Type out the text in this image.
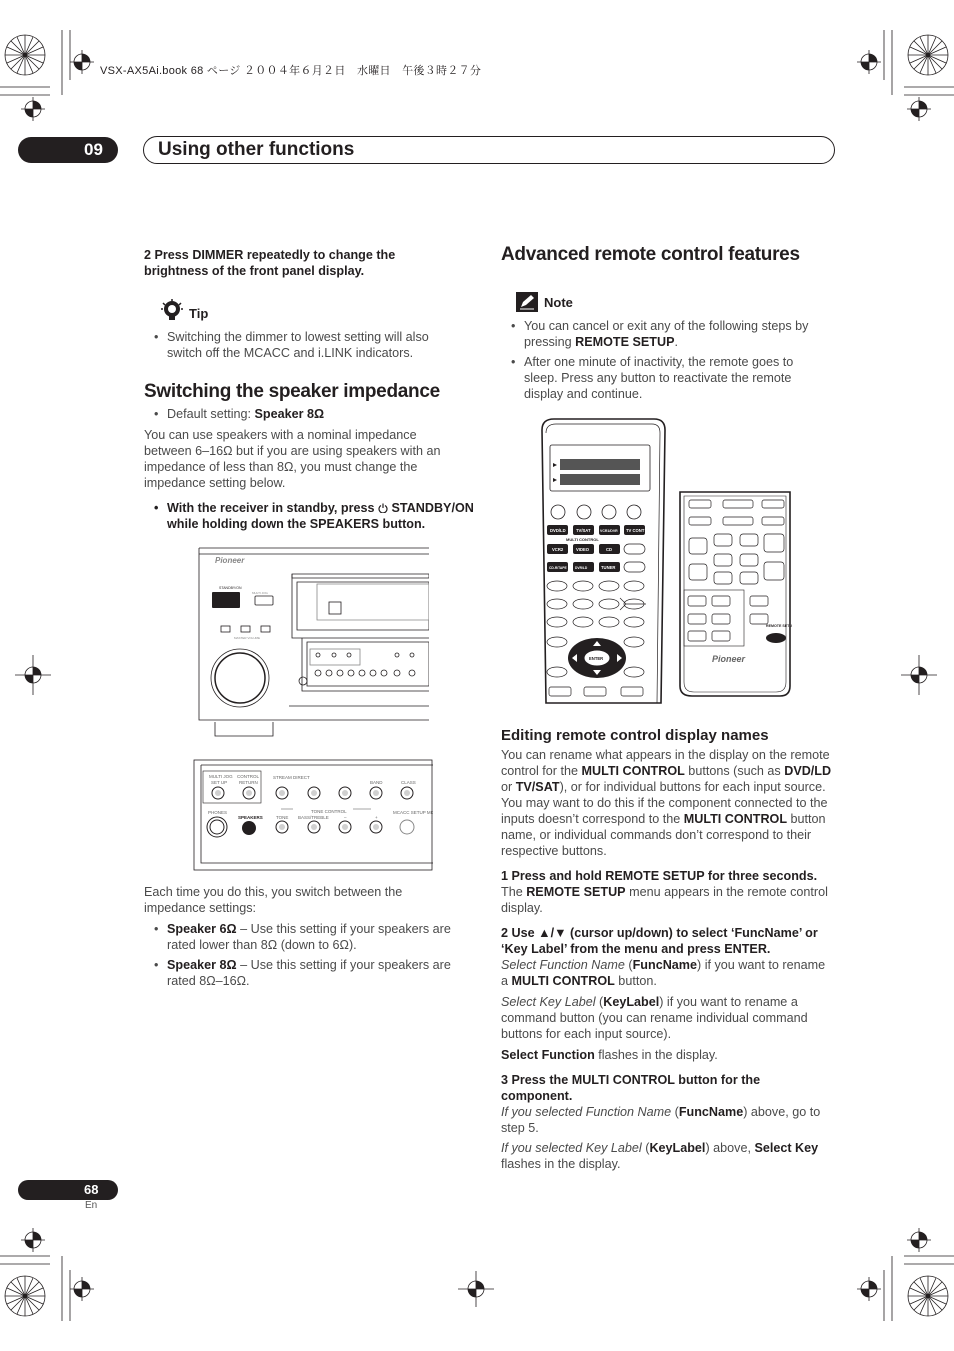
VSX-AX5Ai.book 68 ページ ２００４年６月２日　水曜日　午後３時２７分
09	Using other functions
2 Press DIMMER repeatedly to change the brightness of the front panel display.
Tip
• Switching the dimmer to lowest setting will also switch off the MCACC and i.LINK indicators.
Switching the speaker impedance
• Default setting: Speaker 8Ω
You can use speakers with a nominal impedance between 6–16Ω but if you are using speakers with an impedance of less than 8Ω, you must change the impedance setting below.
• With the receiver in standby, press  STANDBY/ON while holding down the SPEAKERS button.
Pioneer
STANDBY/ON
MULTI JOG
MASTER VOLUME
MULTI JOG
SET UP
CONTROL
RETURN
STREAM DIRECT
BAND	CLASS
PHONES
SPEAKERS
TONE CONTROL
TONE BASS/TREBLE	–	+
MCACC SETUP MIC
Each time you do this, you switch between the impedance settings:
• Speaker 6Ω – Use this setting if your speakers are rated lower than 8Ω (down to 6Ω).
• Speaker 8Ω – Use this setting if your speakers are rated 8Ω–16Ω.
Advanced remote control features
Note
• You can cancel or exit any of the following steps by pressing REMOTE SETUP.
• After one minute of inactivity, the remote goes to sleep. Press any button to reactivate the remote display and continue.
DVD/LD TV/SAT	VCR1/DVR TV CONT
VCR2	VIDEO	CD
CD-R/TAPE	DVR/LD	TUNER
MULTI CONTROL
ENTER
REMOTE SETUP
Pioneer
Editing remote control display names
You can rename what appears in the display on the remote control for the MULTI CONTROL buttons (such as DVD/LD or TV/SAT), or for individual buttons for each input source. You may want to do this if the component connected to the inputs doesn’t correspond to the MULTI CONTROL button name, or individual commands don’t correspond to their respective buttons.
1 Press and hold REMOTE SETUP for three seconds.
The REMOTE SETUP menu appears in the remote control display.
2 Use ▲/▼ (cursor up/down) to select ‘FuncName’ or ‘Key Label’ from the menu and press ENTER.
Select Function Name (FuncName) if you want to rename a MULTI CONTROL button.
Select Key Label (KeyLabel) if you want to rename a command button (you can rename individual command buttons for each input source).
Select Function flashes in the display.
3 Press the MULTI CONTROL button for the component.
If you selected Function Name (FuncName) above, go to step 5.
If you selected Key Label (KeyLabel) above, Select Key
flashes in the display.
68
En
